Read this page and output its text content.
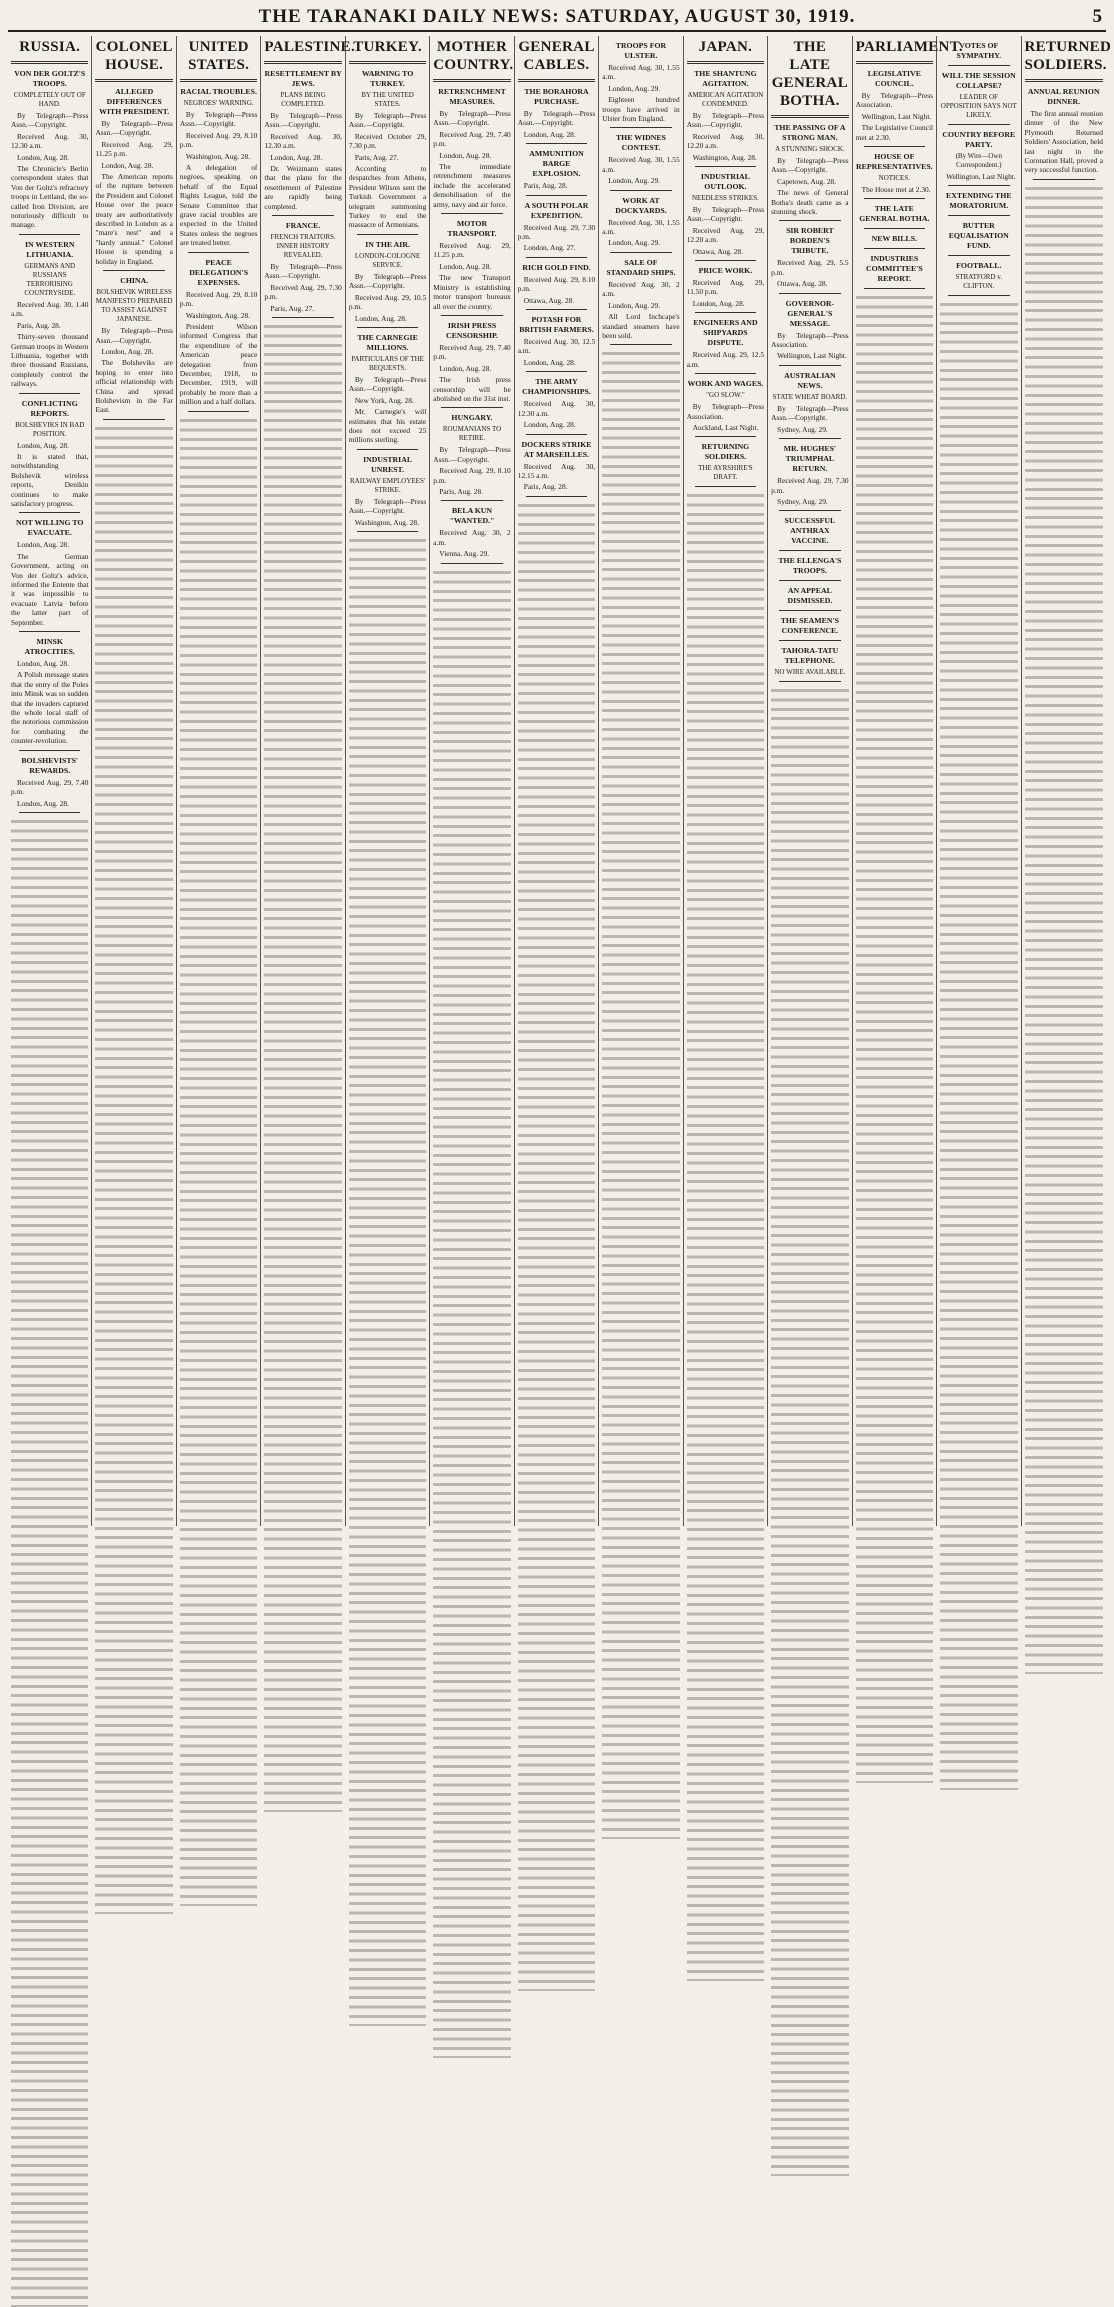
THE TARANAKI DAILY NEWS: SATURDAY, AUGUST 30, 1919.	5
RUSSIA.
VON DER GOLTZ'S TROOPS.
COMPLETELY OUT OF HAND.

By Telegraph—Press Assn.—Copyright.

Received Aug. 30, 12.30 a.m.

London, Aug. 28.

The Chronicle's Berlin correspondent states that Von der Goltz's refractory troops in Lettland, the so-called Iron Division, are notoriously difficult to manage.

IN WESTERN LITHUANIA.
GERMANS AND RUSSIANS TERRORISING COUNTRYSIDE.

Received Aug. 30, 1.40 a.m.

Paris, Aug. 28.

Thirty-seven thousand German troops in Western Lithuania, together with three thousand Russians, completely control the railways.

CONFLICTING REPORTS.
BOLSHEVIKS IN BAD POSITION.

London, Aug. 28.

It is stated that, notwithstanding Bolshevik wireless reports, Denikin continues to make satisfactory progress.

NOT WILLING TO EVACUATE.

London, Aug. 28.

The German Government, acting on Von der Goltz's advice, informed the Entente that it was impossible to evacuate Latvia before the latter part of September.

MINSK ATROCITIES.

London, Aug. 28.

A Polish message states that the entry of the Poles into Minsk was so sudden that the invaders captured the whole local staff of the notorious commission for combating the counter-revolution.

BOLSHEVISTS' REWARDS.

Received Aug. 29, 7.40 p.m.

London, Aug. 28.

COLONEL HOUSE.
ALLEGED DIFFERENCES WITH PRESIDENT.

By Telegraph—Press Assn.—Copyright.

Received Aug. 29, 11.25 p.m.

London, Aug. 28.

The American reports of the rupture between the President and Colonel House over the peace treaty are authoritatively described in London as a "mare's nest" and a "hardy annual." Colonel House is spending a holiday in England.

CHINA.
BOLSHEVIK WIRELESS MANIFESTO PREPARED TO ASSIST AGAINST JAPANESE.

By Telegraph—Press Assn.—Copyright.

London, Aug. 28.

The Bolsheviks are hoping to enter into official relationship with China and spread Bolshevism in the Far East.

UNITED STATES.
RACIAL TROUBLES.
NEGROES' WARNING.

By Telegraph—Press Assn.—Copyright.

Received Aug. 29, 8.10 p.m.

Washington, Aug. 28.

A delegation of negroes, speaking on behalf of the Equal Rights League, told the Senate Committee that grave racial troubles are expected in the United States unless the negroes are treated better.

PEACE DELEGATION'S EXPENSES.

Received Aug. 29, 8.10 p.m.

Washington, Aug. 28.

President Wilson informed Congress that the expenditure of the American peace delegation from December, 1918, to December, 1919, will probably be more than a million and a half dollars.

PALESTINE.
RESETTLEMENT BY JEWS.
PLANS BEING COMPLETED.

By Telegraph—Press Assn.—Copyright.

Received Aug. 30, 12.30 a.m.

London, Aug. 28.

Dr. Weizmann states that the plans for the resettlement of Palestine are rapidly being completed.

FRANCE.
FRENCH TRAITORS. INNER HISTORY REVEALED.

By Telegraph—Press Assn.—Copyright.

Received Aug. 29, 7.30 p.m.

Paris, Aug. 27.

TURKEY.
WARNING TO TURKEY.
BY THE UNITED STATES.

By Telegraph—Press Assn.—Copyright.

Received October 29, 7.30 p.m.

Paris, Aug. 27.

According to despatches from Athens, President Wilson sent the Turkish Government a telegram summoning Turkey to end the massacre of Armenians.

IN THE AIR.
LONDON-COLOGNE SERVICE.

By Telegraph—Press Assn.—Copyright.

Received Aug. 29, 10.5 p.m.

London, Aug. 28.

THE CARNEGIE MILLIONS.
PARTICULARS OF THE BEQUESTS.

By Telegraph—Press Assn.—Copyright.

New York, Aug. 28.

Mr. Carnegie's will estimates that his estate does not exceed 25 millions sterling.

INDUSTRIAL UNREST.
RAILWAY EMPLOYEES' STRIKE.

By Telegraph—Press Assn.—Copyright.

Washington, Aug. 28.

MOTHER COUNTRY.
RETRENCHMENT MEASURES.

By Telegraph—Press Assn.—Copyright.

Received Aug. 29, 7.40 p.m.

London, Aug. 28.

The immediate retrenchment measures include the accelerated demobilisation of the army, navy and air force.

MOTOR TRANSPORT.

Received Aug. 29, 11.25 p.m.

London, Aug. 28.

The new Transport Ministry is establishing motor transport bureaux all over the country.

IRISH PRESS CENSORSHIP.

Received Aug. 29, 7.40 p.m.

London, Aug. 28.

The Irish press censorship will be abolished on the 31st inst.

HUNGARY.
ROUMANIANS TO RETIRE.

By Telegraph—Press Assn.—Copyright.

Received Aug. 29, 8.10 p.m.

Paris, Aug. 28.

BELA KUN "WANTED."

Received Aug. 30, 2 a.m.

Vienna, Aug. 29.

GENERAL CABLES.
THE BORAHORA PURCHASE.

By Telegraph—Press Assn.—Copyright.

London, Aug. 28.

AMMUNITION BARGE EXPLOSION.

Paris, Aug. 28.

A SOUTH POLAR EXPEDITION.

Received Aug. 29, 7.30 p.m.

London, Aug. 27.

RICH GOLD FIND.

Received Aug. 29, 8.10 p.m.

Ottawa, Aug. 28.

POTASH FOR BRITISH FARMERS.

Received Aug. 30, 12.5 a.m.

London, Aug. 28.

THE ARMY CHAMPIONSHIPS.

Received Aug. 30, 12.30 a.m.

London, Aug. 28.

DOCKERS STRIKE AT MARSEILLES.

Received Aug. 30, 12.15 a.m.

Paris, Aug. 28.

TROOPS FOR ULSTER.

Received Aug. 30, 1.55 a.m.

London, Aug. 29.

Eighteen hundred troops have arrived in Ulster from England.

THE WIDNES CONTEST.

Received Aug. 30, 1.55 a.m.

London, Aug. 29.

WORK AT DOCKYARDS.

Received Aug. 30, 1.55 a.m.

London, Aug. 29.

SALE OF STANDARD SHIPS.

Received Aug. 30, 2 a.m.

London, Aug. 29.

All Lord Inchcape's standard steamers have been sold.

JAPAN.
THE SHANTUNG AGITATION.
AMERICAN AGITATION CONDEMNED.

By Telegraph—Press Assn.—Copyright.

Received Aug. 30, 12.20 a.m.

Washington, Aug. 28.

INDUSTRIAL OUTLOOK.
NEEDLESS STRIKES.

By Telegraph—Press Assn.—Copyright.

Received Aug. 29, 12.20 a.m.

Ottawa, Aug. 28.

PRICE WORK.

Received Aug. 29, 11.50 p.m.

London, Aug. 28.

ENGINEERS AND SHIPYARDS DISPUTE.

Received Aug. 29, 12.5 a.m.

WORK AND WAGES.
"GO SLOW."

By Telegraph—Press Association.

Auckland, Last Night.

RETURNING SOLDIERS.
THE AYRSHIRE'S DRAFT.
THE LATE GENERAL BOTHA.
THE PASSING OF A STRONG MAN.
A STUNNING SHOCK.

By Telegraph—Press Assn.—Copyright.

Capetown, Aug. 28.

The news of General Botha's death came as a stunning shock.

SIR ROBERT BORDEN'S TRIBUTE.

Received Aug. 29, 5.5 p.m.

Ottawa, Aug. 28.

GOVERNOR-GENERAL'S MESSAGE.

By Telegraph—Press Association.

Wellington, Last Night.

AUSTRALIAN NEWS.
STATE WHEAT BOARD.

By Telegraph—Press Assn.—Copyright.

Sydney, Aug. 29.

MR. HUGHES' TRIUMPHAL RETURN.

Received Aug. 29, 7.30 p.m.

Sydney, Aug. 29.

SUCCESSFUL ANTHRAX VACCINE.
THE ELLENGA'S TROOPS.
AN APPEAL DISMISSED.
THE SEAMEN'S CONFERENCE.
TAHORA-TATU TELEPHONE.
NO WIRE AVAILABLE.
PARLIAMENT.
LEGISLATIVE COUNCIL.

By Telegraph—Press Association.

Wellington, Last Night.

The Legislative Council met at 2.30.

HOUSE OF REPRESENTATIVES.
NOTICES.

The House met at 2.30.

THE LATE GENERAL BOTHA.
NEW BILLS.
INDUSTRIES COMMITTEE'S REPORT.
VOTES OF SYMPATHY.
WILL THE SESSION COLLAPSE?
LEADER OF OPPOSITION SAYS NOT LIKELY.
COUNTRY BEFORE PARTY.
(By Wire—Own Correspondent.)

Wellington, Last Night.

EXTENDING THE MORATORIUM.
BUTTER EQUALISATION FUND.
FOOTBALL.
STRATFORD v. CLIFTON.
RETURNED SOLDIERS.
ANNUAL REUNION DINNER.

The first annual reunion dinner of the New Plymouth Returned Soldiers' Association, held last night in the Coronation Hall, proved a very successful function.
